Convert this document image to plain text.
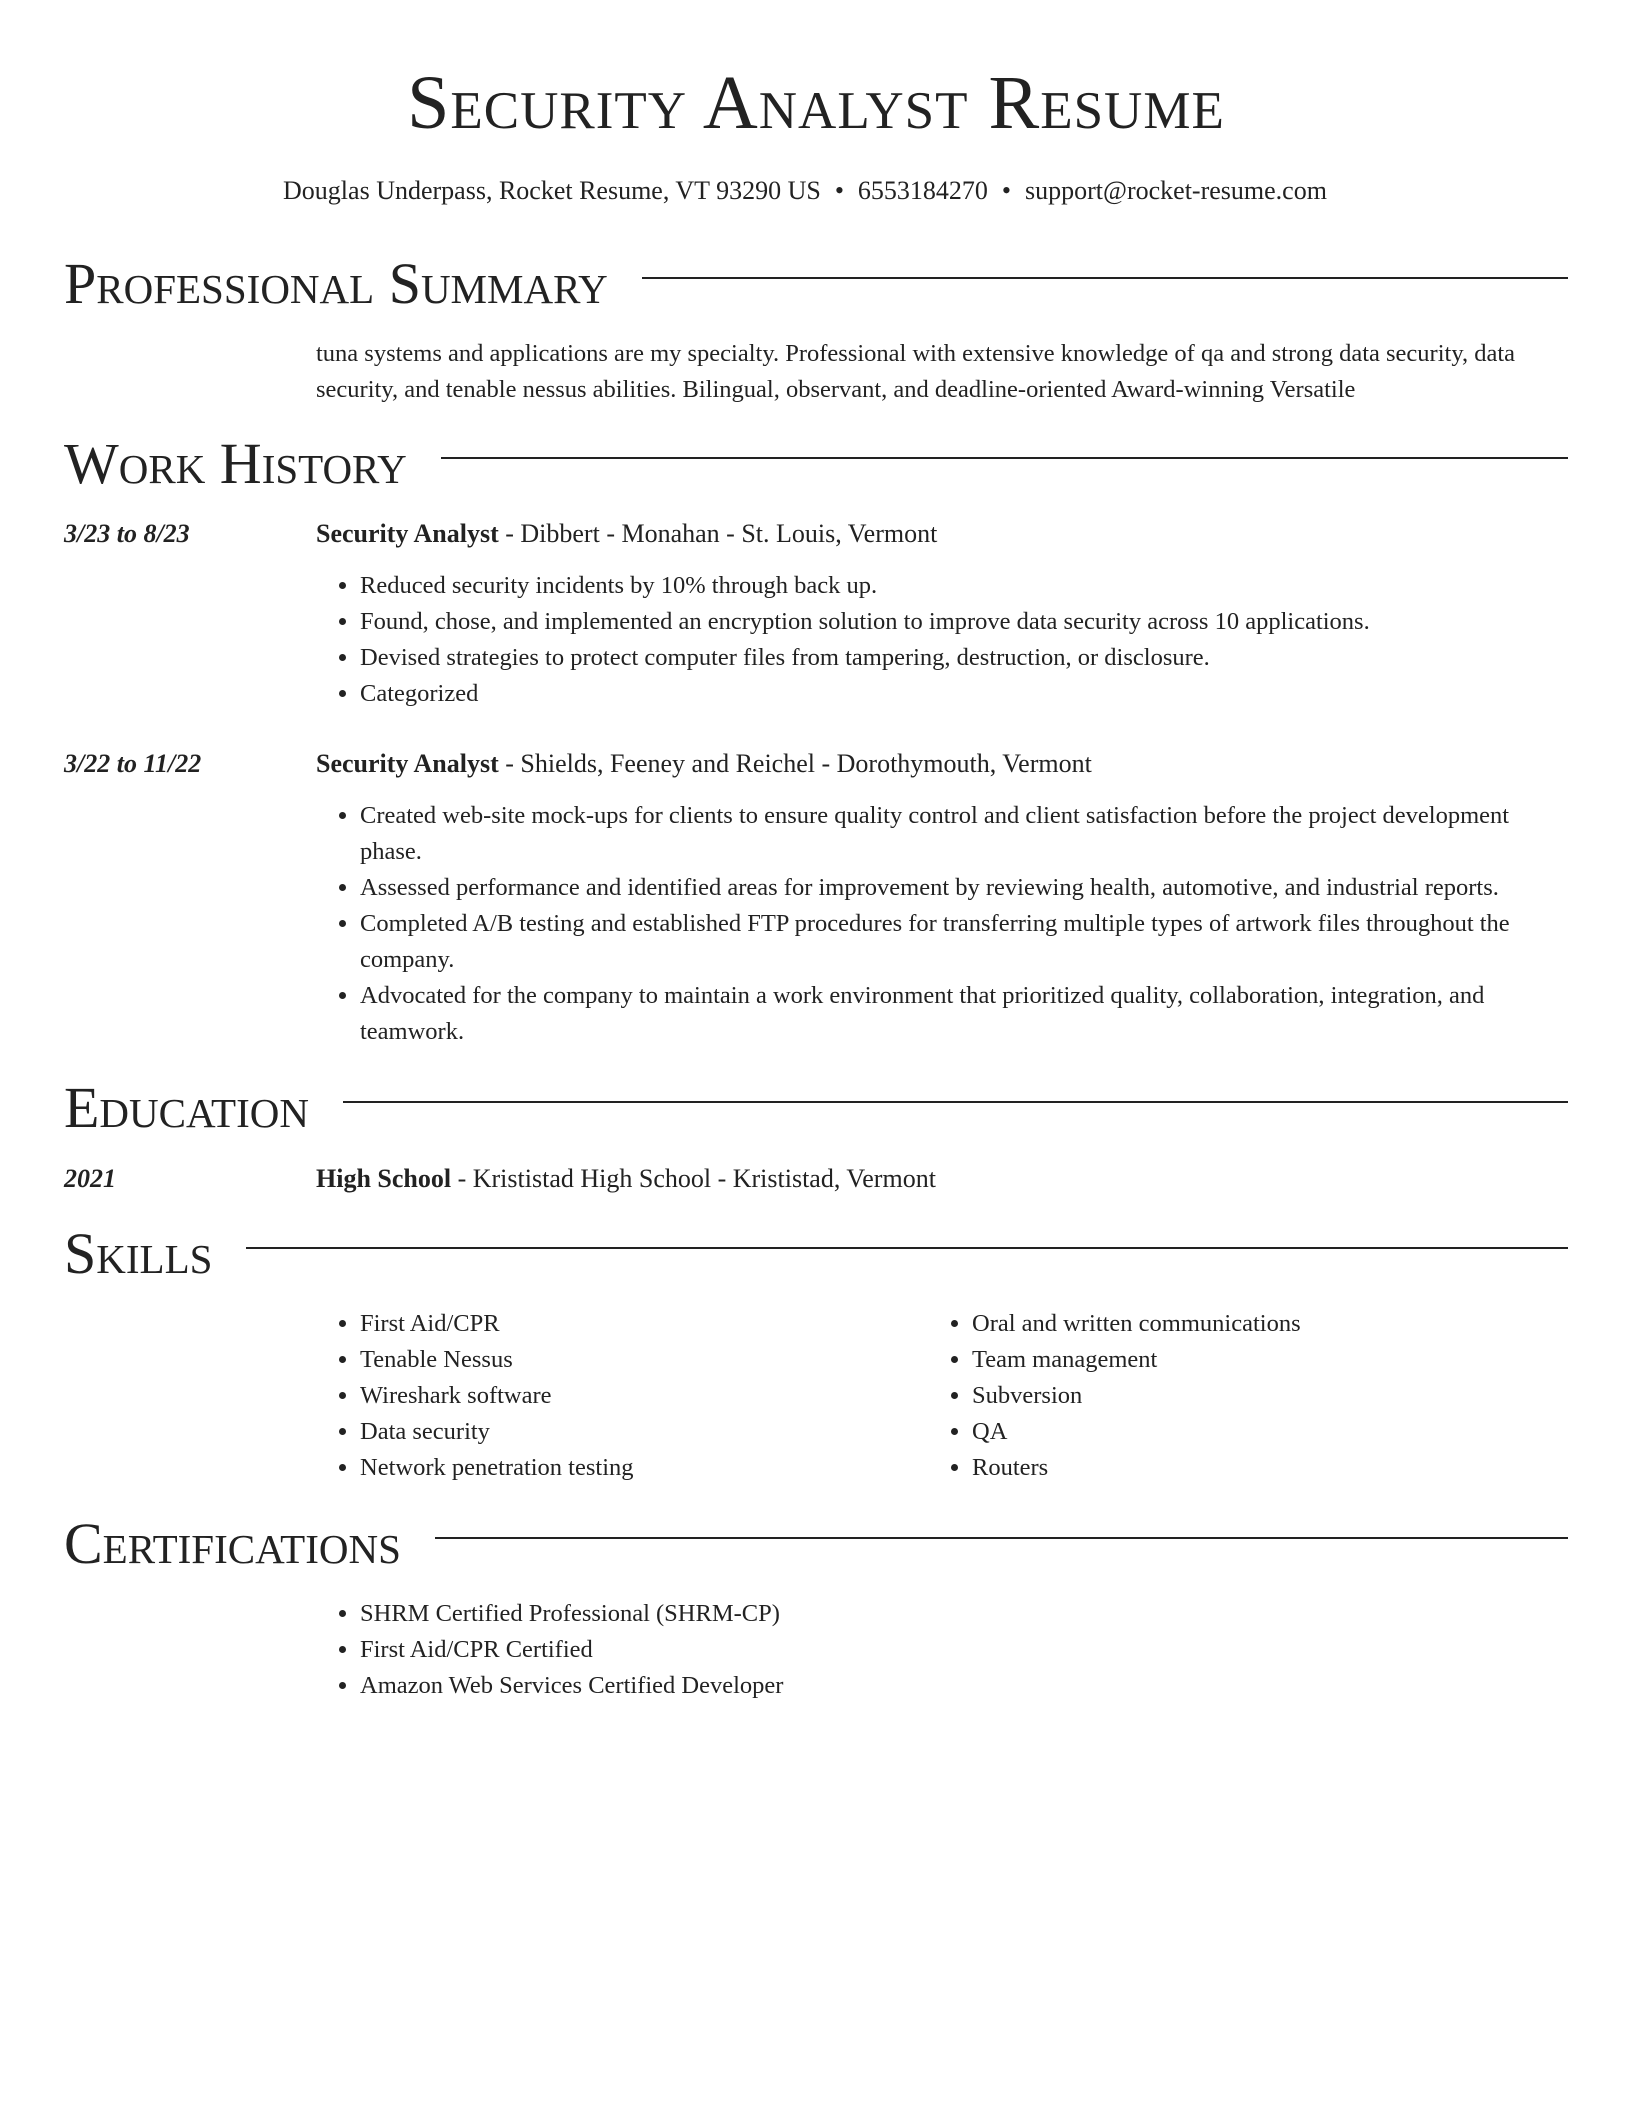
Security Analyst Resume
Douglas Underpass, Rocket Resume, VT 93290 US • 6553184270 • support@rocket-resume.com
Professional Summary
tuna systems and applications are my specialty. Professional with extensive knowledge of qa and strong data security, data security, and tenable nessus abilities. Bilingual, observant, and deadline-oriented Award-winning Versatile
Work History
3/23 to 8/23	Security Analyst - Dibbert - Monahan - St. Louis, Vermont
• Reduced security incidents by 10% through back up.
• Found, chose, and implemented an encryption solution to improve data security across 10 applications.
• Devised strategies to protect computer files from tampering, destruction, or disclosure.
• Categorized
3/22 to 11/22	Security Analyst - Shields, Feeney and Reichel - Dorothymouth, Vermont
• Created web-site mock-ups for clients to ensure quality control and client satisfaction before the project development phase.
• Assessed performance and identified areas for improvement by reviewing health, automotive, and industrial reports.
• Completed A/B testing and established FTP procedures for transferring multiple types of artwork files throughout the company.
• Advocated for the company to maintain a work environment that prioritized quality, collaboration, integration, and teamwork.
Education
2021	High School - Krististad High School - Krististad, Vermont
Skills
• First Aid/CPR
• Tenable Nessus
• Wireshark software
• Data security
• Network penetration testing
• Oral and written communications
• Team management
• Subversion
• QA
• Routers
Certifications
• SHRM Certified Professional (SHRM-CP)
• First Aid/CPR Certified
• Amazon Web Services Certified Developer
